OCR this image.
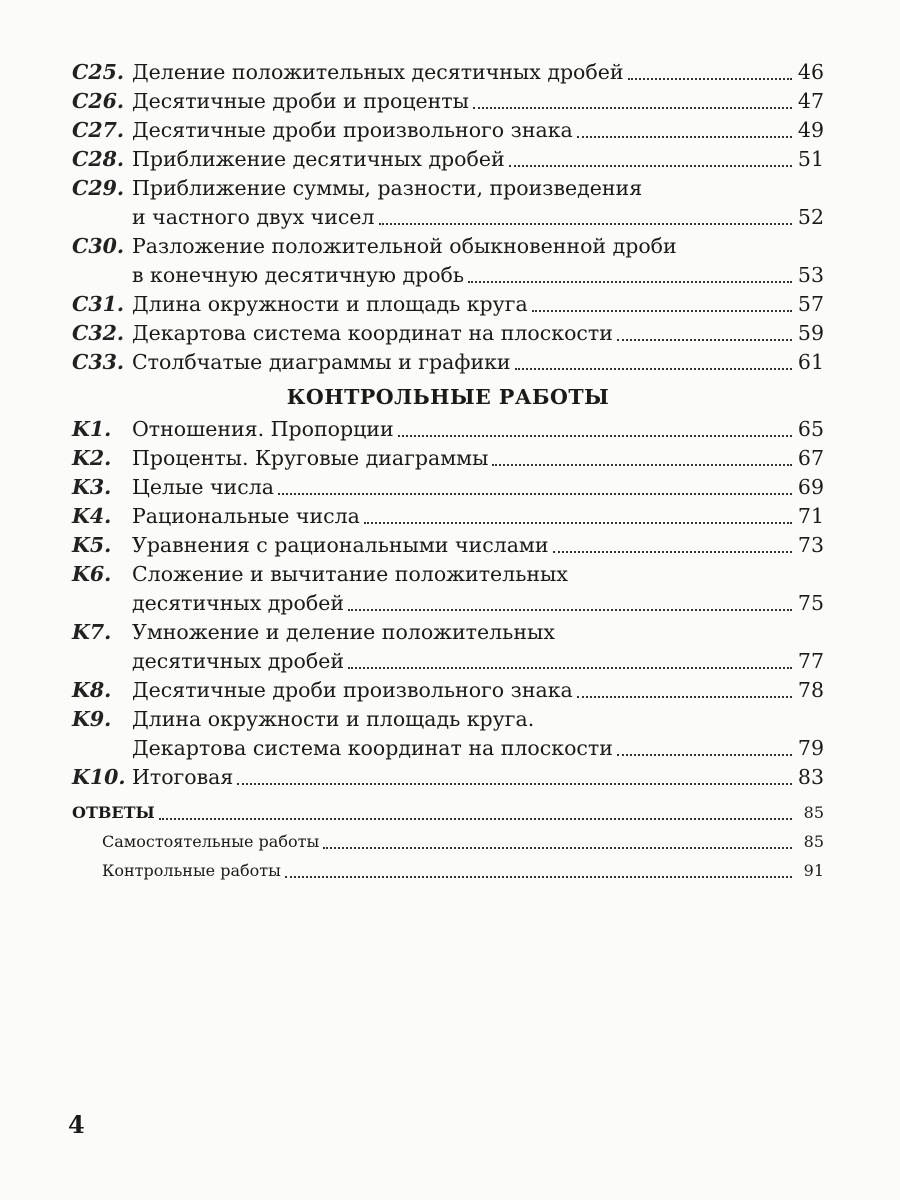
C25. Деление положительных десятичных дробей	46
C26. Десятичные дроби и проценты	47
C27. Десятичные дроби произвольного знака	49
C28. Приближение десятичных дробей	51
C29. Приближение суммы, разности, произведения
и частного двух чисел	52
C30. Разложение положительной обыкновенной дроби
в конечную десятичную дробь	53
C31. Длина окружности и площадь круга	57
C32. Декартова система координат на плоскости	59
C33. Столбчатые диаграммы и графики	61
КОНТРОЛЬНЫЕ РАБОТЫ
K1.	Отношения. Пропорции	65
K2.	Проценты. Круговые диаграммы	67
K3.	Целые числа	69
K4.	Рациональные числа	71
K5.	Уравнения с рациональными числами	73
K6.	Сложение и вычитание положительных
десятичных дробей	75
K7.	Умножение и деление положительных
десятичных дробей	77
K8.	Десятичные дроби произвольного знака	78
K9.	Длина окружности и площадь круга.
Декартова система координат на плоскости	79
K10. Итоговая	83
ОТВЕТЫ	85
Самостоятельные работы	85
Контрольные работы	91
4
